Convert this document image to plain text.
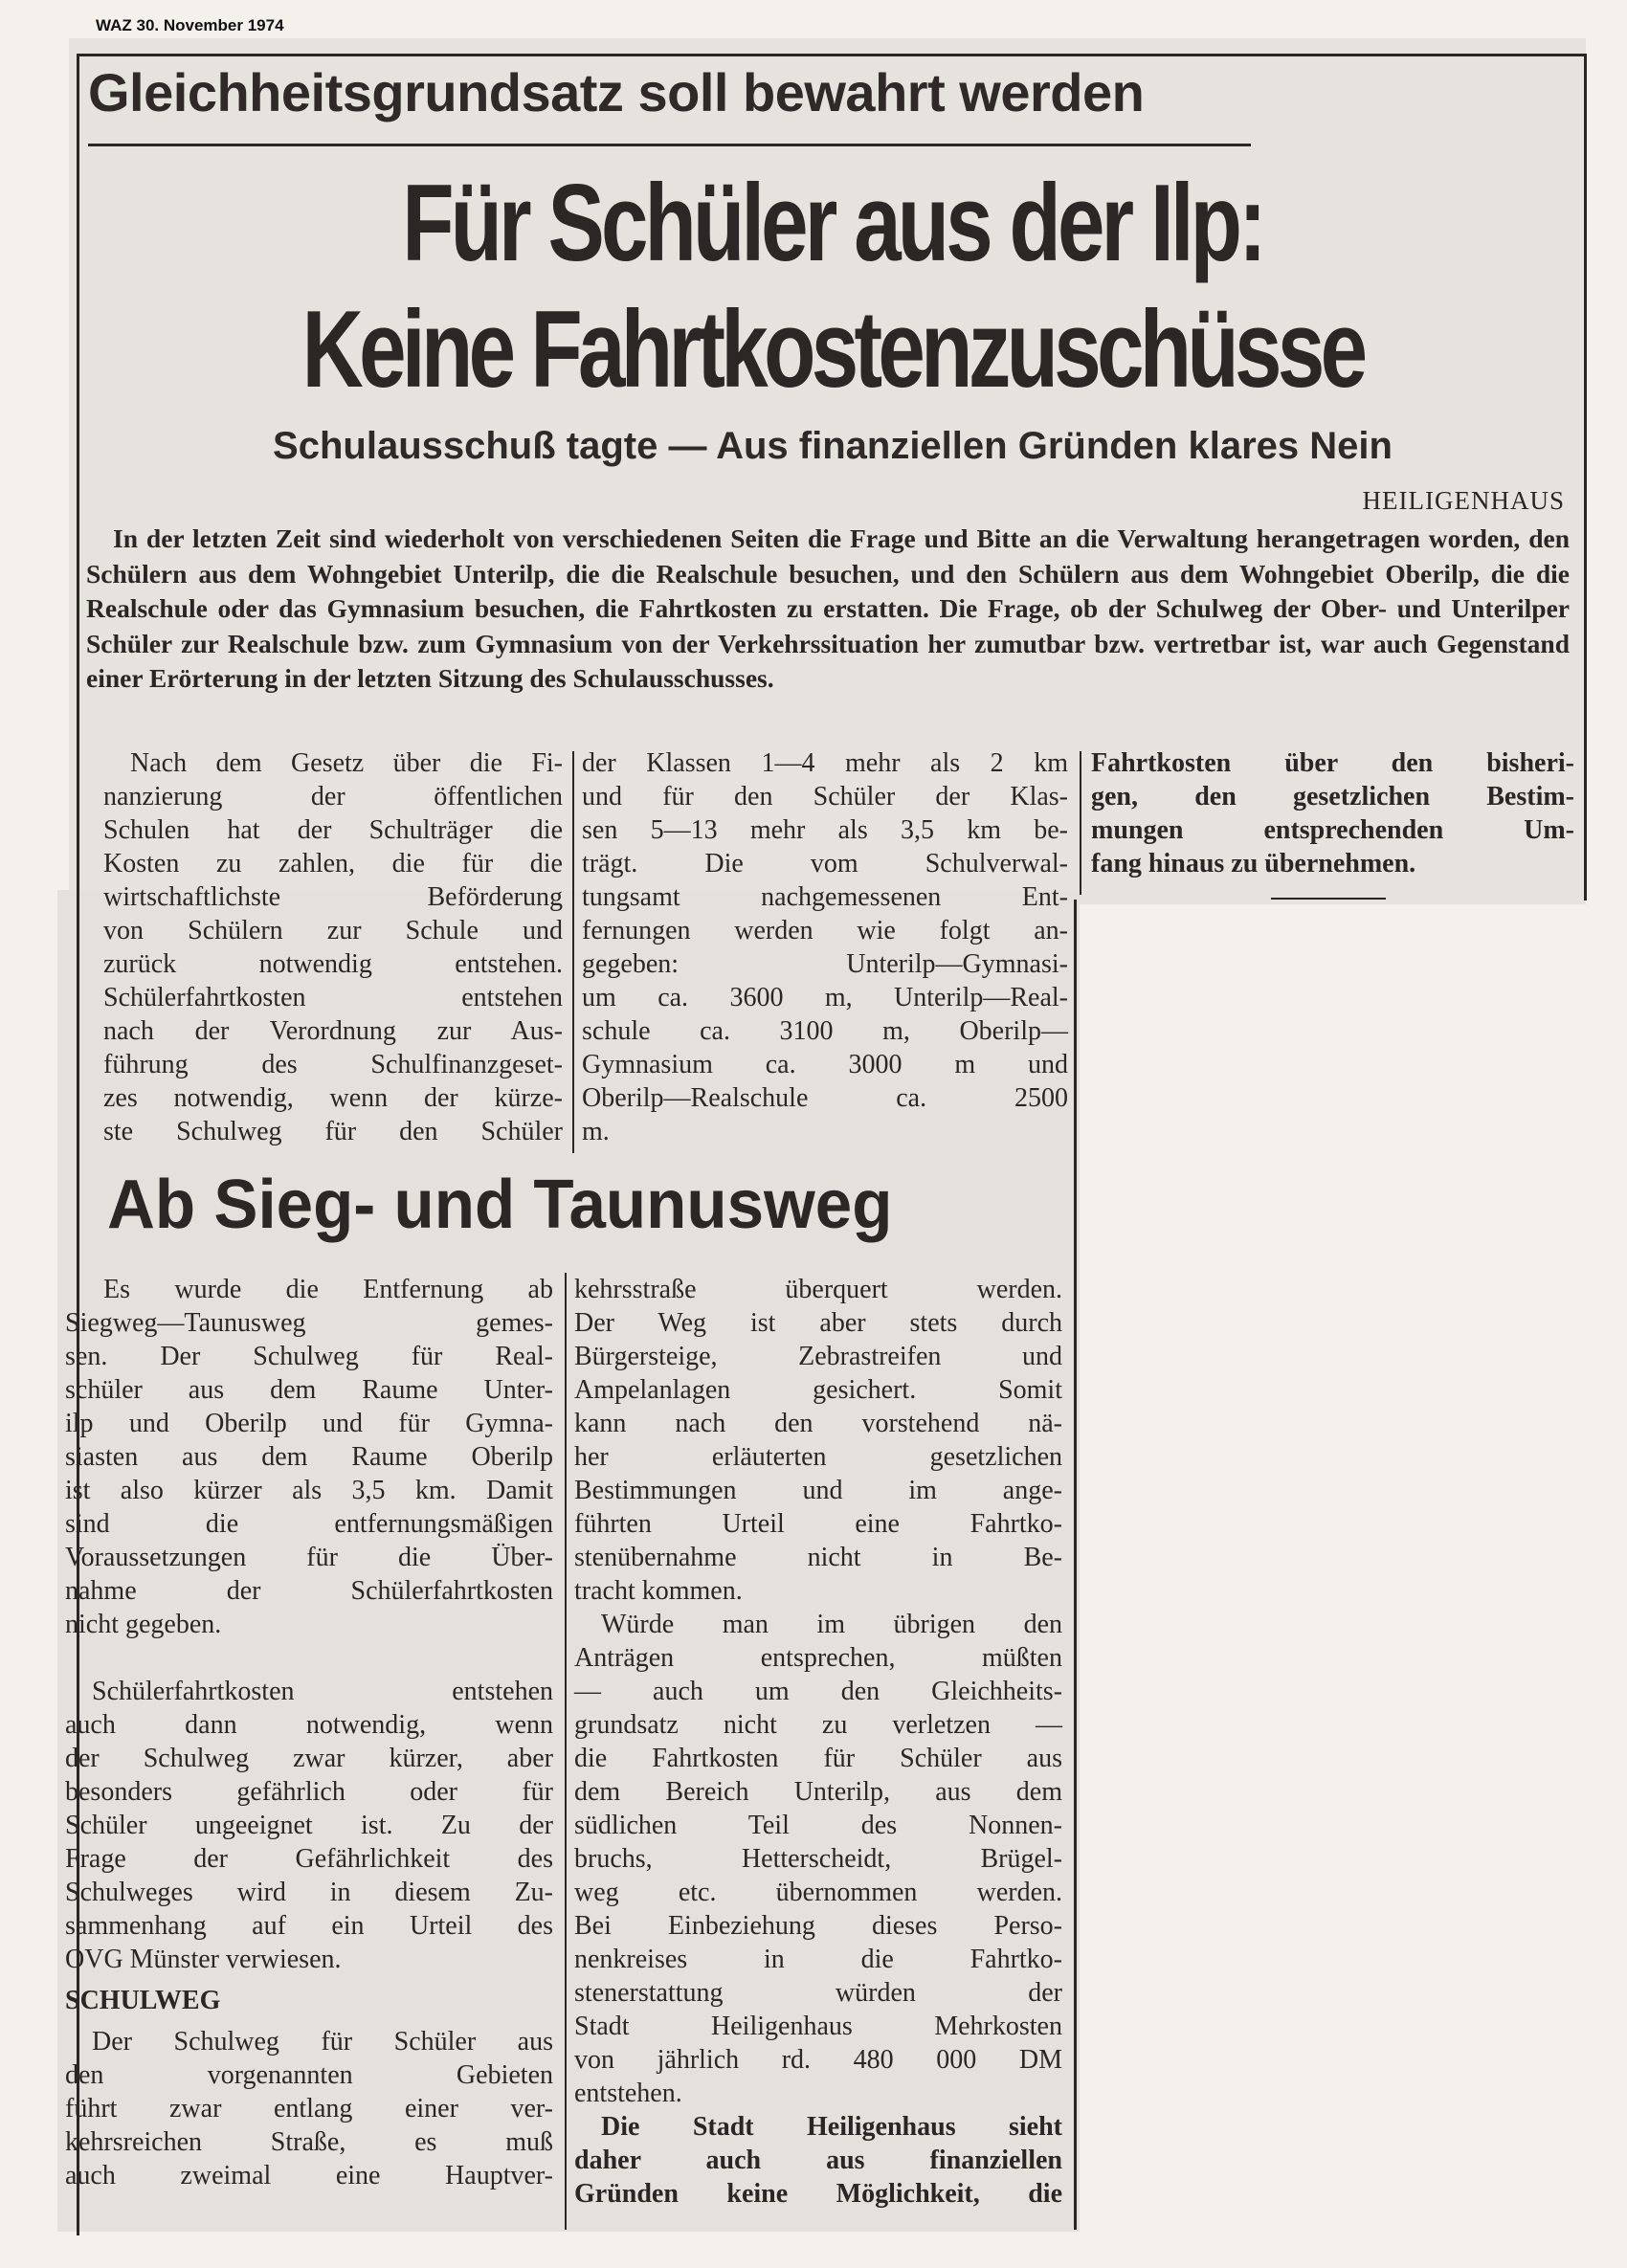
WAZ 30. November 1974
Gleichheitsgrundsatz soll bewahrt werden
Für Schüler aus der Ilp:
Keine Fahrtkostenzuschüsse
Schulausschuß tagte — Aus finanziellen Gründen klares Nein
HEILIGENHAUS
In der letzten Zeit sind wiederholt von verschiedenen Seiten die Frage und Bitte an die Verwaltung herangetragen worden, den Schülern aus dem Wohngebiet Unterilp, die die Realschule besuchen, und den Schülern aus dem Wohngebiet Oberilp, die die Realschule oder das Gymnasium besuchen, die Fahrtkosten zu erstatten. Die Frage, ob der Schulweg der Ober- und Unterilper Schüler zur Realschule bzw. zum Gymnasium von der Verkehrssituation her zumutbar bzw. vertretbar ist, war auch Gegenstand einer Erörterung in der letzten Sitzung des Schulausschusses.
Nach dem Gesetz über die Fi-
nanzierung der öffentlichen
Schulen hat der Schulträger die
Kosten zu zahlen, die für die
wirtschaftlichste Beförderung
von Schülern zur Schule und
zurück notwendig entstehen.
Schülerfahrtkosten entstehen
nach der Verordnung zur Aus-
führung des Schulfinanzgeset-
zes notwendig, wenn der kürze-
ste Schulweg für den Schüler
der Klassen 1—4 mehr als 2 km
und für den Schüler der Klas-
sen 5—13 mehr als 3,5 km be-
trägt. Die vom Schulverwal-
tungsamt nachgemessenen Ent-
fernungen werden wie folgt an-
gegeben: Unterilp—Gymnasi-
um ca. 3600 m, Unterilp—Real-
schule ca. 3100 m, Oberilp—
Gymnasium ca. 3000 m und
Oberilp—Realschule ca. 2500
m.
Fahrtkosten über den bisheri-
gen, den gesetzlichen Bestim-
mungen entsprechenden Um-
fang hinaus zu übernehmen.
Ab Sieg- und Taunusweg
Es wurde die Entfernung ab
Siegweg—Taunusweg gemes-
sen. Der Schulweg für Real-
schüler aus dem Raume Unter-
ilp und Oberilp und für Gymna-
siasten aus dem Raume Oberilp
ist also kürzer als 3,5 km. Damit
sind die entfernungsmäßigen
Voraussetzungen für die Über-
nahme der Schülerfahrtkosten
nicht gegeben.
Schülerfahrtkosten entstehen
auch dann notwendig, wenn
der Schulweg zwar kürzer, aber
besonders gefährlich oder für
Schüler ungeeignet ist. Zu der
Frage der Gefährlichkeit des
Schulweges wird in diesem Zu-
sammenhang auf ein Urteil des
OVG Münster verwiesen.
SCHULWEG
Der Schulweg für Schüler aus
den vorgenannten Gebieten
führt zwar entlang einer ver-
kehrsreichen Straße, es muß
auch zweimal eine Hauptver-
kehrsstraße überquert werden.
Der Weg ist aber stets durch
Bürgersteige, Zebrastreifen und
Ampelanlagen gesichert. Somit
kann nach den vorstehend nä-
her erläuterten gesetzlichen
Bestimmungen und im ange-
führten Urteil eine Fahrtko-
stenübernahme nicht in Be-
tracht kommen.
Würde man im übrigen den
Anträgen entsprechen, müßten
— auch um den Gleichheits-
grundsatz nicht zu verletzen —
die Fahrtkosten für Schüler aus
dem Bereich Unterilp, aus dem
südlichen Teil des Nonnen-
bruchs, Hetterscheidt, Brügel-
weg etc. übernommen werden.
Bei Einbeziehung dieses Perso-
nenkreises in die Fahrtko-
stenerstattung würden der
Stadt Heiligenhaus Mehrkosten
von jährlich rd. 480 000 DM
entstehen.
Die Stadt Heiligenhaus sieht
daher auch aus finanziellen
Gründen keine Möglichkeit, die
